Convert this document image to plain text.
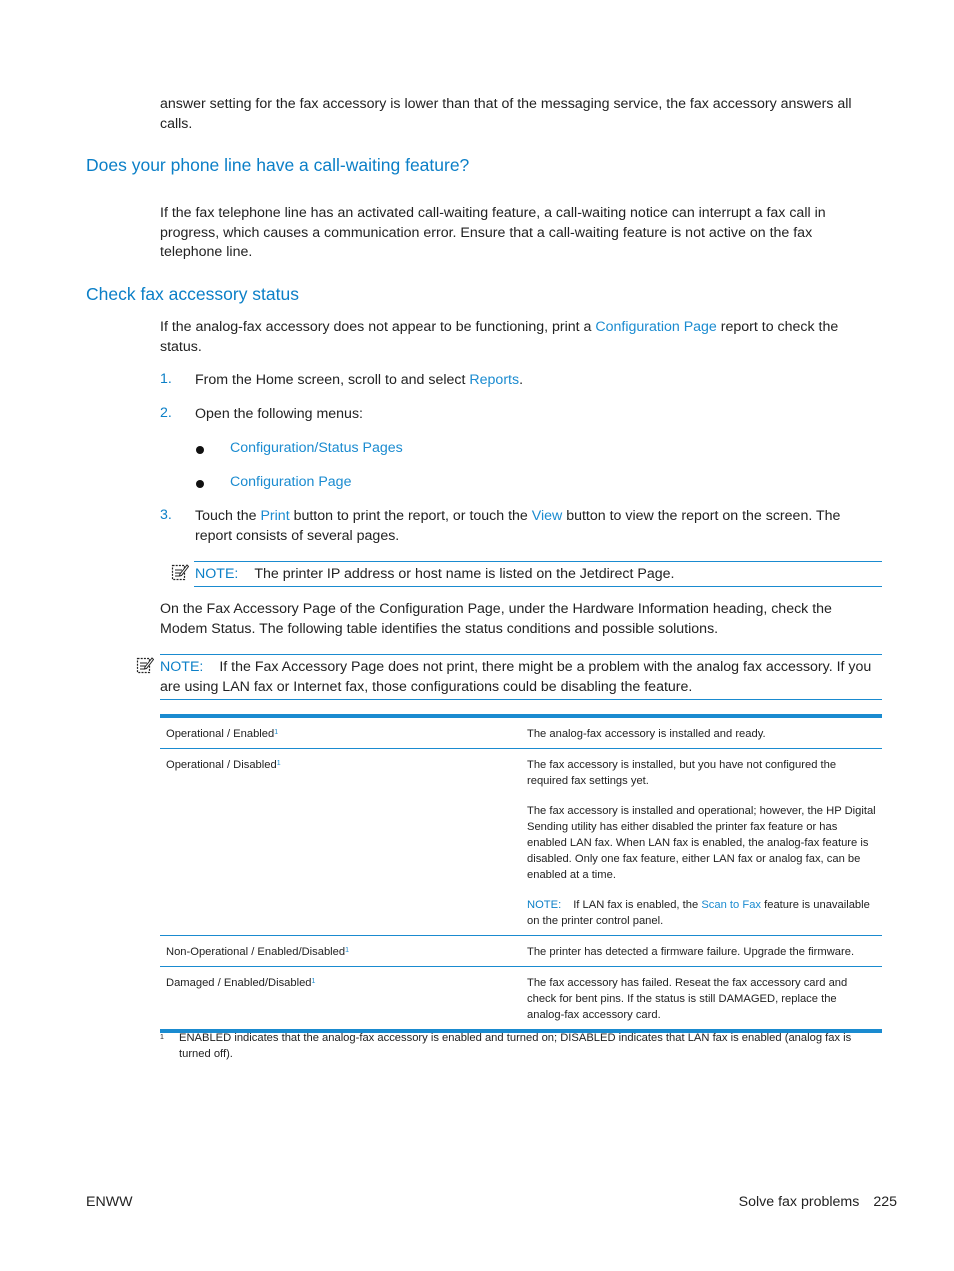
answer setting for the fax accessory is lower than that of the messaging service, the fax accessory answers all calls.

Does your phone line have a call-waiting feature?

If the fax telephone line has an activated call-waiting feature, a call-waiting notice can interrupt a fax call in progress, which causes a communication error. Ensure that a call-waiting feature is not active on the fax telephone line.

Check fax accessory status

If the analog-fax accessory does not appear to be functioning, print a Configuration Page report to check the status.

1. From the Home screen, scroll to and select Reports.
2. Open the following menus:
Configuration/Status Pages
Configuration Page
3. Touch the Print button to print the report, or touch the View button to view the report on the screen. The report consists of several pages.
NOTE: The printer IP address or host name is listed on the Jetdirect Page.

On the Fax Accessory Page of the Configuration Page, under the Hardware Information heading, check the Modem Status. The following table identifies the status conditions and possible solutions.

NOTE: If the Fax Accessory Page does not print, there might be a problem with the analog fax accessory. If you are using LAN fax or Internet fax, those configurations could be disabling the feature.
Operational / Enabled$^1$	The analog-fax accessory is installed and ready.
Operational / Disabled$^1$	The fax accessory is installed, but you have not configured the required fax settings yet.

The fax accessory is installed and operational; however, the HP Digital Sending utility has either disabled the printer fax feature or has enabled LAN fax. When LAN fax is enabled, the analog-fax feature is disabled. Only one fax feature, either LAN fax or analog fax, can be enabled at a time.

NOTE: If LAN fax is enabled, the Scan to Fax feature is unavailable on the printer control panel.

Non-Operational / Enabled/Disabled$^1$	The printer has detected a firmware failure. Upgrade the firmware.
Damaged / Enabled/Disabled$^1$	The fax accessory has failed. Reseat the fax accessory card and check for bent pins. If the status is still DAMAGED, replace the analog-fax accessory card.
1 ENABLED indicates that the analog-fax accessory is enabled and turned on; DISABLED indicates that LAN fax is enabled (analog fax is turned off).
ENWW	Solve fax problems 225
